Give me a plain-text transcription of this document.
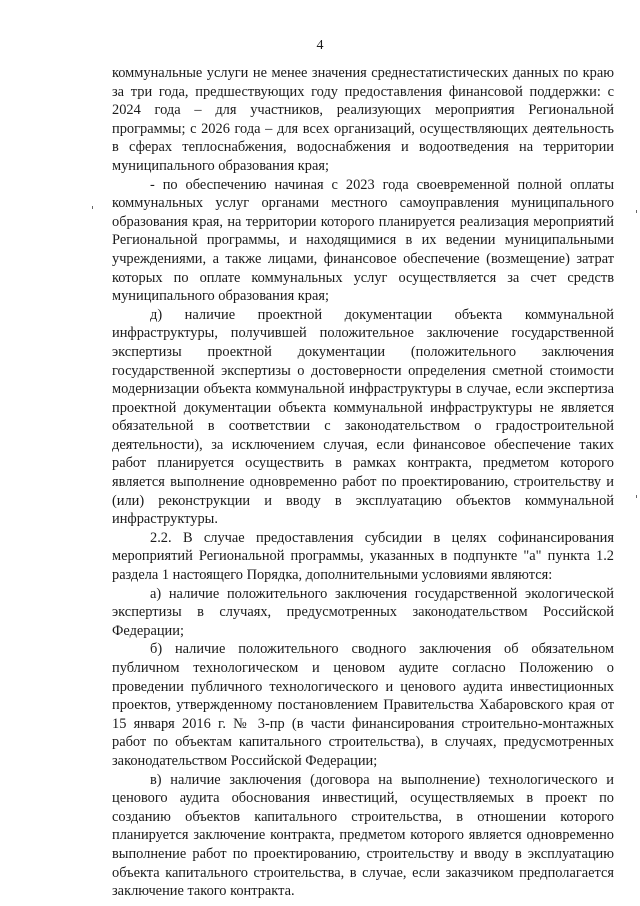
4

коммунальные услуги не менее значения среднестатистических данных по краю за три года, предшествующих году предоставления финансовой поддержки: с 2024 года – для участников, реализующих мероприятия Региональной программы; с 2026 года – для всех организаций, осуществляющих деятельность в сферах теплоснабжения, водоснабжения и водоотведения на территории муниципального образования края;

- по обеспечению начиная с 2023 года своевременной полной оплаты коммунальных услуг органами местного самоуправления муниципального образования края, на территории которого планируется реализация мероприятий Региональной программы, и находящимися в их ведении муниципальными учреждениями, а также лицами, финансовое обеспечение (возмещение) затрат которых по оплате коммунальных услуг осуществляется за счет средств муниципального образования края;

д) наличие проектной документации объекта коммунальной инфраструктуры, получившей положительное заключение государственной экспертизы проектной документации (положительного заключения государственной экспертизы о достоверности определения сметной стоимости модернизации объекта коммунальной инфраструктуры в случае, если экспертиза проектной документации объекта коммунальной инфраструктуры не является обязательной в соответствии с законодательством о градостроительной деятельности), за исключением случая, если финансовое обеспечение таких работ планируется осуществить в рамках контракта, предметом которого является выполнение одновременно работ по проектированию, строительству и (или) реконструкции и вводу в эксплуатацию объектов коммунальной инфраструктуры.

2.2. В случае предоставления субсидии в целях софинансирования мероприятий Региональной программы, указанных в подпункте "а" пункта 1.2 раздела 1 настоящего Порядка, дополнительными условиями являются:

а) наличие положительного заключения государственной экологической экспертизы в случаях, предусмотренных законодательством Российской Федерации;

б) наличие положительного сводного заключения об обязательном публичном технологическом и ценовом аудите согласно Положению о проведении публичного технологического и ценового аудита инвестиционных проектов, утвержденному постановлением Правительства Хабаровского края от 15 января 2016 г. № 3-пр (в части финансирования строительно-монтажных работ по объектам капитального строительства), в случаях, предусмотренных законодательством Российской Федерации;

в) наличие заключения (договора на выполнение) технологического и ценового аудита обоснования инвестиций, осуществляемых в проект по созданию объектов капитального строительства, в отношении которого планируется заключение контракта, предметом которого является одновременно выполнение работ по проектированию, строительству и вводу в эксплуатацию объекта капитального строительства, в случае, если заказчиком предполагается заключение такого контракта.
